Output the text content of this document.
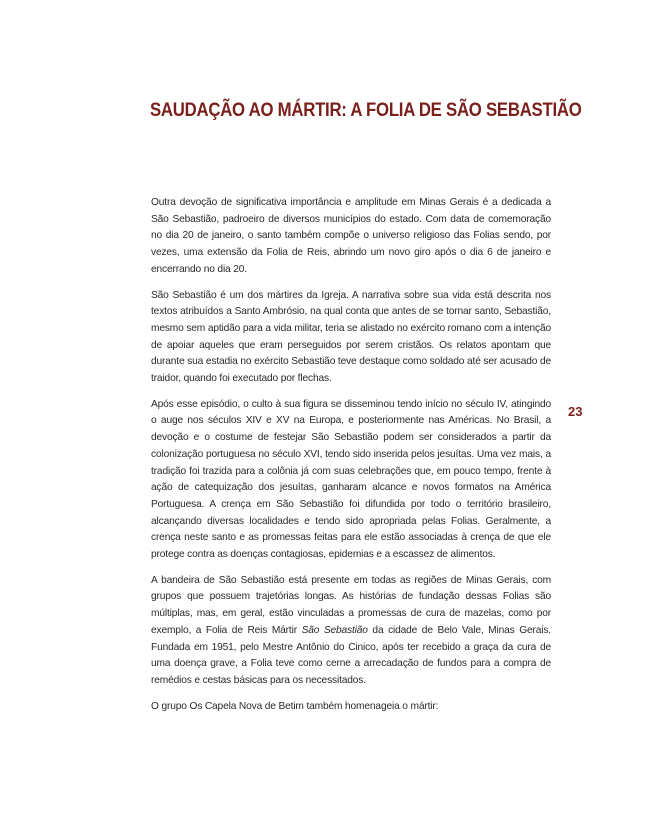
SAUDAÇÃO AO MÁRTIR: A FOLIA DE SÃO SEBASTIÃO

Outra devoção de significativa importância e amplitude em Minas Gerais é a dedicada a São Sebastião, padroeiro de diversos municípios do estado. Com data de comemoração no dia 20 de janeiro, o santo também compõe o universo religioso das Folias sendo, por vezes, uma extensão da Folia de Reis, abrindo um novo giro após o dia 6 de janeiro e encerrando no dia 20.

São Sebastião é um dos mártires da Igreja. A narrativa sobre sua vida está descrita nos textos atribuídos a Santo Ambrósio, na qual conta que antes de se tornar santo, Sebastião, mesmo sem aptidão para a vida militar, teria se alistado no exército romano com a intenção de apoiar aqueles que eram perseguidos por serem cristãos. Os relatos apontam que durante sua estadia no exército Sebastião teve destaque como soldado até ser acusado de traidor, quando foi executado por flechas.

Após esse episódio, o culto à sua figura se disseminou tendo início no século IV, atingindo o auge nos séculos XIV e XV na Europa, e posteriormente nas Américas. No Brasil, a devoção e o costume de festejar São Sebastião podem ser considerados a partir da colonização portuguesa no século XVI, tendo sido inserida pelos jesuítas. Uma vez mais, a tradição foi trazida para a colônia já com suas celebrações que, em pouco tempo, frente à ação de catequização dos jesuítas, ganharam alcance e novos formatos na América Portuguesa. A crença em São Sebastião foi difundida por todo o território brasileiro, alcançando diversas localidades e tendo sido apropriada pelas Folias. Geralmente, a crença neste santo e as promessas feitas para ele estão associadas à crença de que ele protege contra as doenças contagiosas, epidemias e a escassez de alimentos.

A bandeira de São Sebastião está presente em todas as regiões de Minas Gerais, com grupos que possuem trajetórias longas. As histórias de fundação dessas Folias são múltiplas, mas, em geral, estão vinculadas a promessas de cura de mazelas, como por exemplo, a Folia de Reis Mártir São Sebastião da cidade de Belo Vale, Minas Gerais. Fundada em 1951, pelo Mestre Antônio do Cinico, após ter recebido a graça da cura de uma doença grave, a Folia teve como cerne a arrecadação de fundos para a compra de remédios e cestas básicas para os necessitados.

O grupo Os Capela Nova de Betim também homenageia o mártir:

23
